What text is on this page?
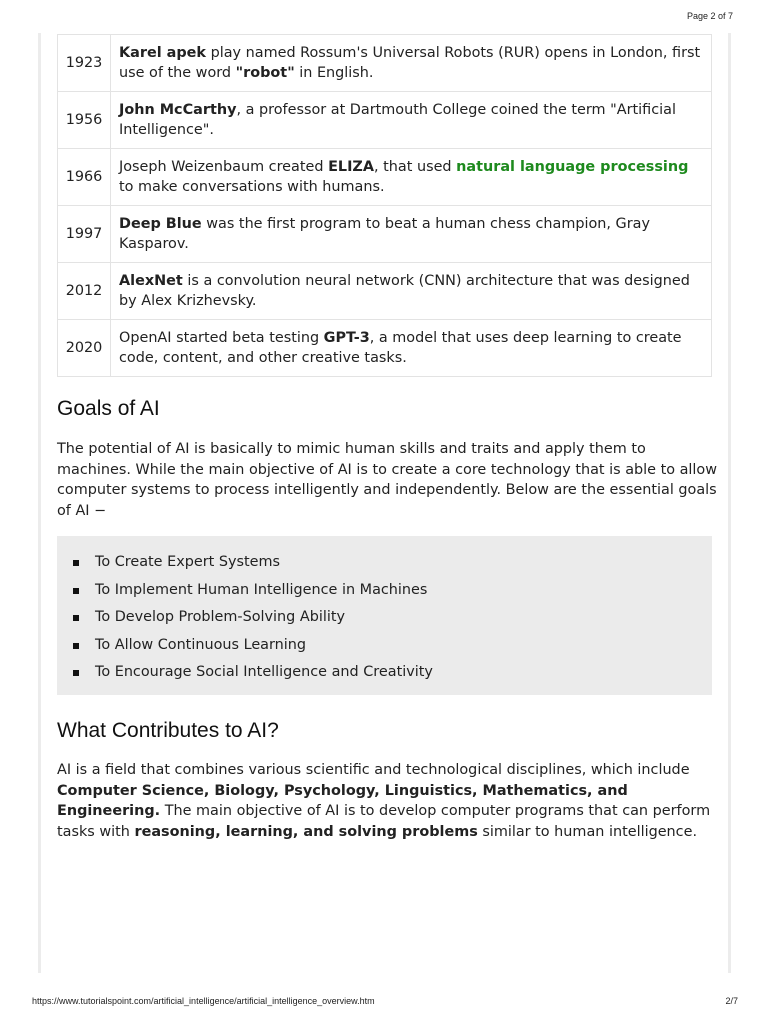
Page 2 of 7
1923	Karel apek play named Rossum's Universal Robots (RUR) opens in London, first use of the word "robot" in English.
1956	John McCarthy, a professor at Dartmouth College coined the term "Artificial Intelligence".
1966	Joseph Weizenbaum created ELIZA, that used natural language processing to make conversations with humans.
1997	Deep Blue was the first program to beat a human chess champion, Gray Kasparov.
2012	AlexNet is a convolution neural network (CNN) architecture that was designed by Alex Krizhevsky.
2020	OpenAI started beta testing GPT-3, a model that uses deep learning to create code, content, and other creative tasks.
Goals of AI

The potential of AI is basically to mimic human skills and traits and apply them to machines. While the main objective of AI is to create a core technology that is able to allow computer systems to process intelligently and independently. Below are the essential goals of AI −

To Create Expert Systems
To Implement Human Intelligence in Machines
To Develop Problem-Solving Ability
To Allow Continuous Learning
To Encourage Social Intelligence and Creativity
What Contributes to AI?

AI is a field that combines various scientific and technological disciplines, which include Computer Science, Biology, Psychology, Linguistics, Mathematics, and Engineering. The main objective of AI is to develop computer programs that can perform tasks with reasoning, learning, and solving problems similar to human intelligence.

https://www.tutorialspoint.com/artificial_intelligence/artificial_intelligence_overview.htm	2/7
